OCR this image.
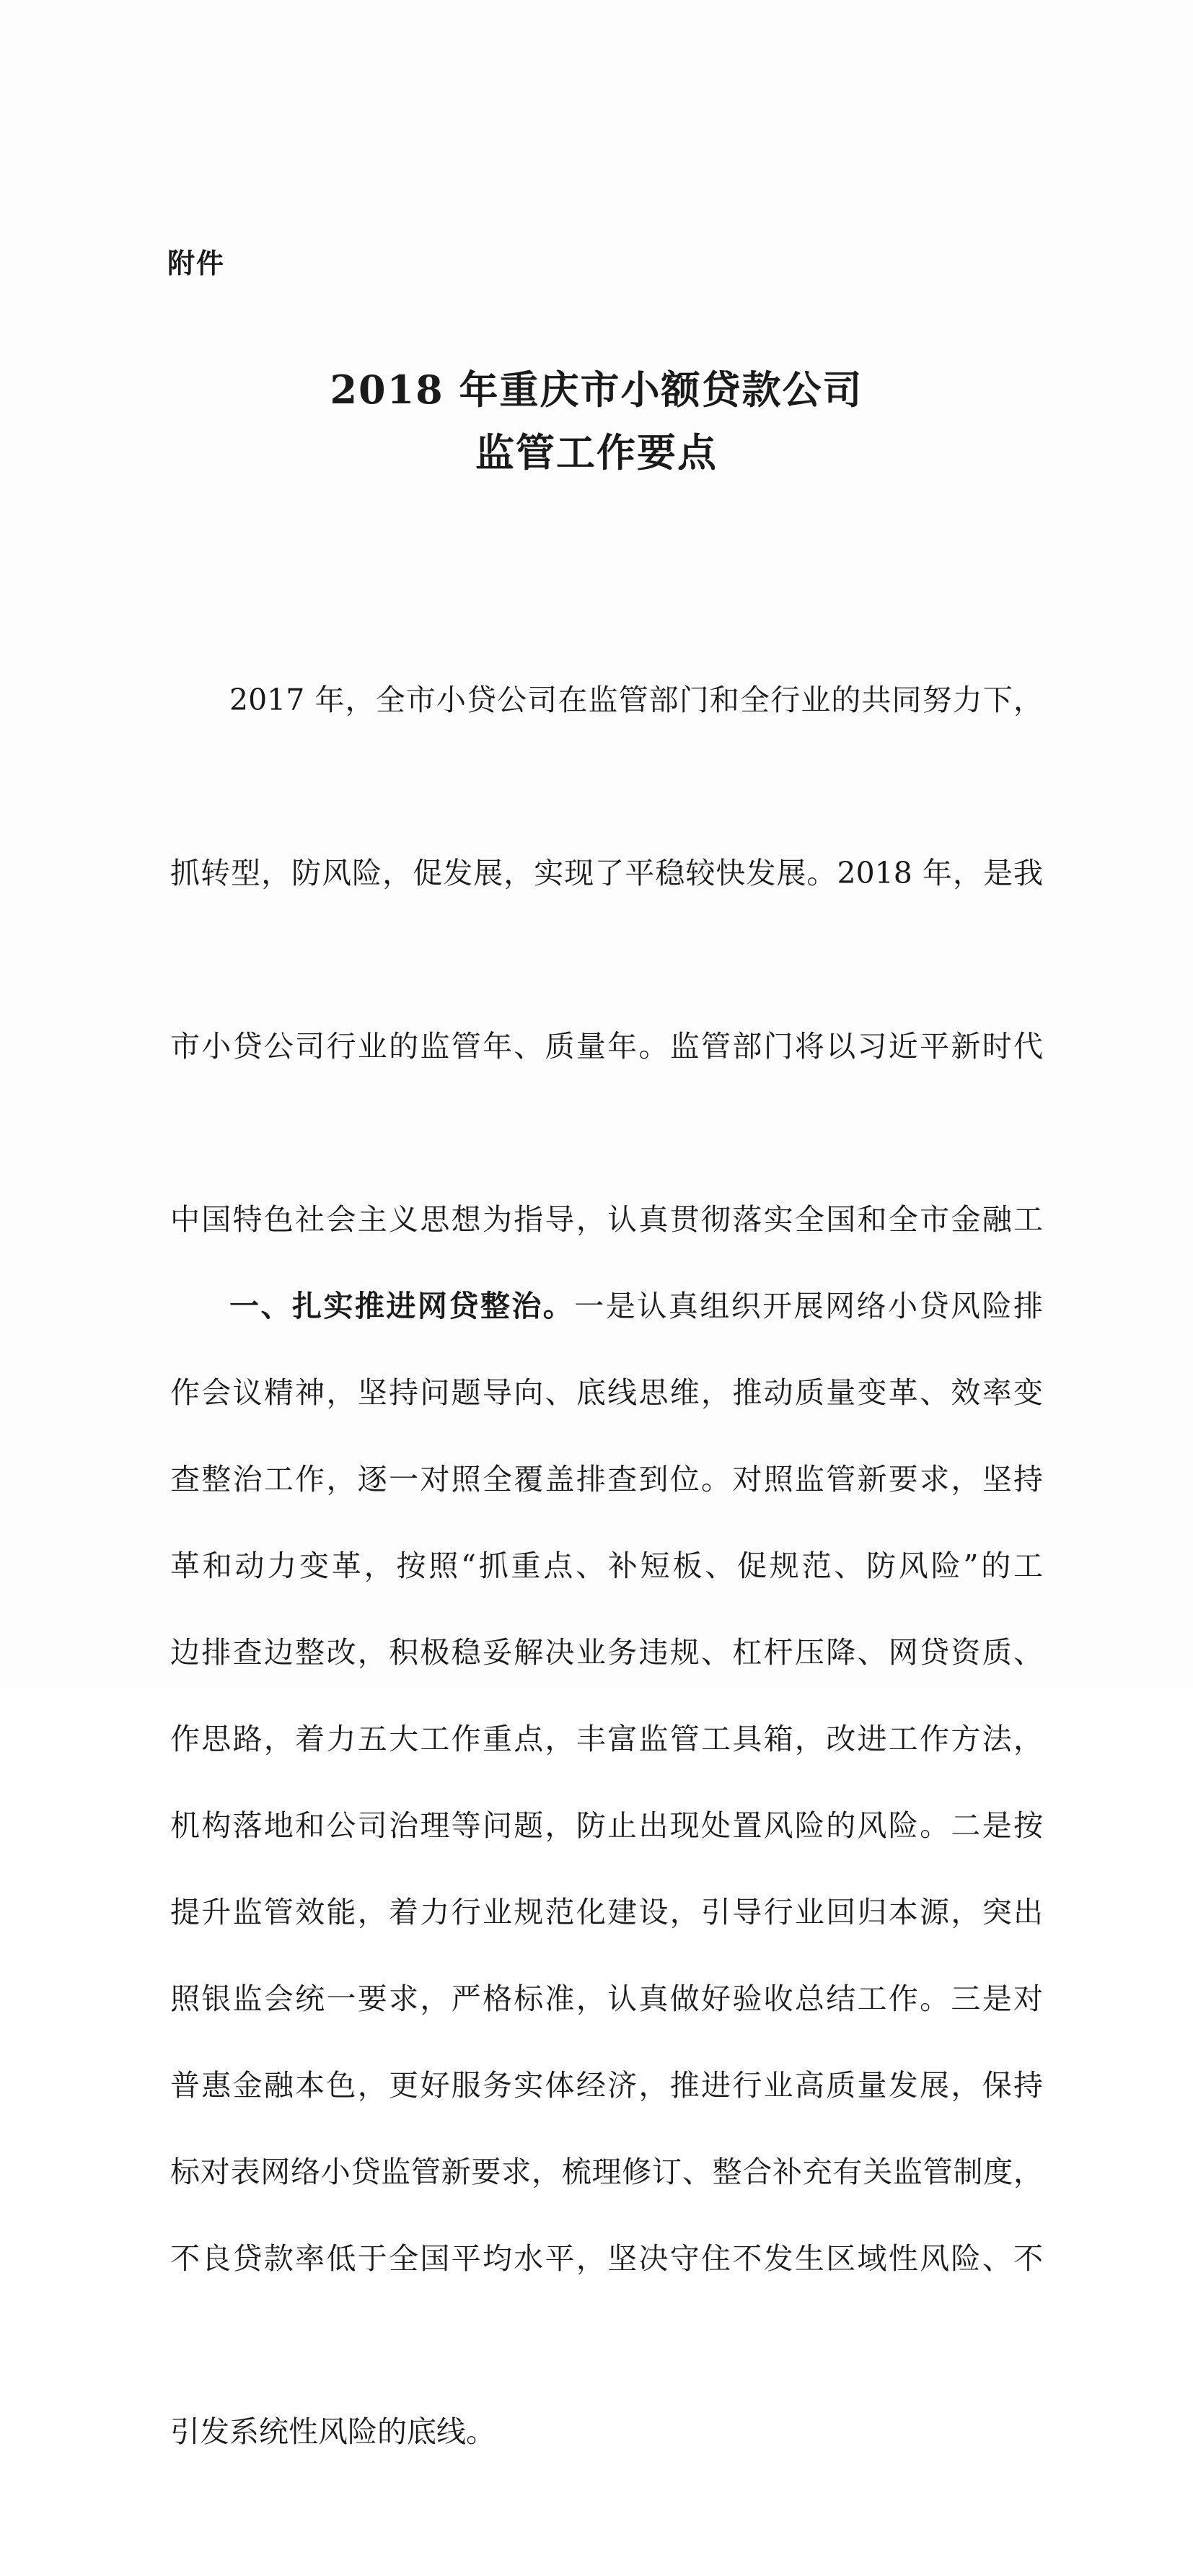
附件
2018 年重庆市小额贷款公司
监管工作要点

2017 年，全市小贷公司在监管部门和全行业的共同努力下，

抓转型，防风险，促发展，实现了平稳较快发展。2018 年，是我

市小贷公司行业的监管年、质量年。监管部门将以习近平新时代

中国特色社会主义思想为指导，认真贯彻落实全国和全市金融工

作会议精神，坚持问题导向、底线思维，推动质量变革、效率变

革和动力变革，按照“抓重点、补短板、促规范、防风险”的工

作思路，着力五大工作重点，丰富监管工具箱，改进工作方法，

提升监管效能，着力行业规范化建设，引导行业回归本源，突出

普惠金融本色，更好服务实体经济，推进行业高质量发展，保持

不良贷款率低于全国平均水平，坚决守住不发生区域性风险、不

引发系统性风险的底线。

一、扎实推进网贷整治。一是认真组织开展网络小贷风险排

查整治工作，逐一对照全覆盖排查到位。对照监管新要求，坚持

边排查边整改，积极稳妥解决业务违规、杠杆压降、网贷资质、

机构落地和公司治理等问题，防止出现处置风险的风险。二是按

照银监会统一要求，严格标准，认真做好验收总结工作。三是对

标对表网络小贷监管新要求，梳理修订、整合补充有关监管制度，
